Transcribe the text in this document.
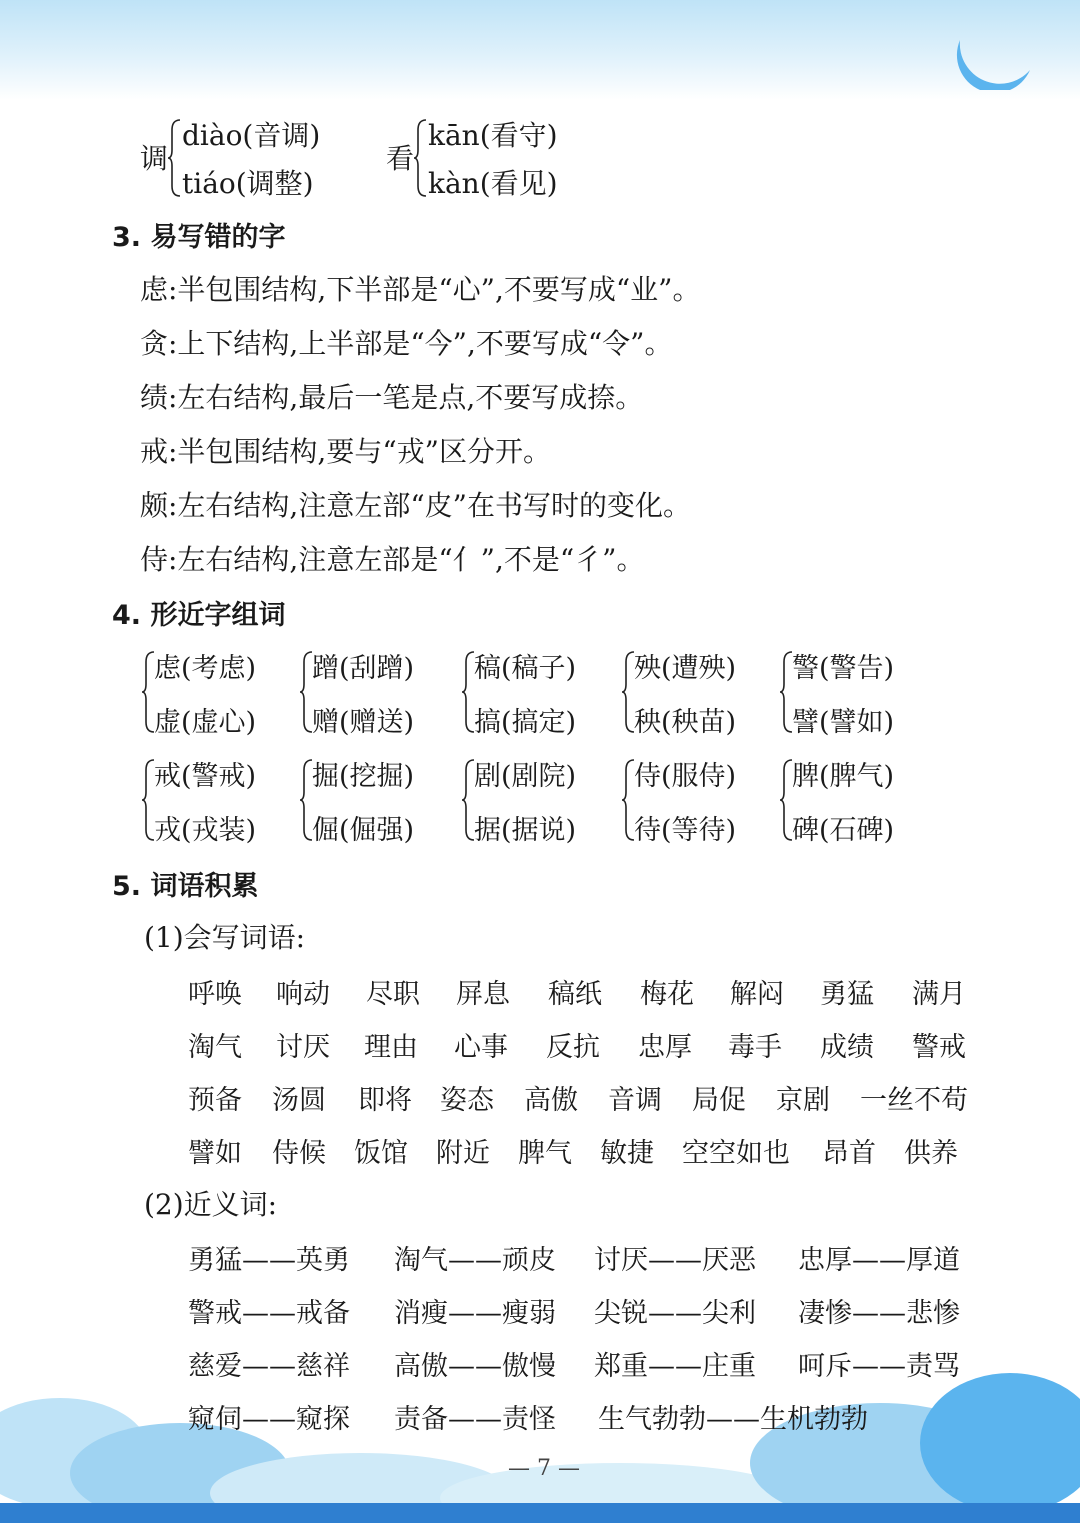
调
diào(音调)
tiáo(调整)
看
kān(看守)
kàn(看见)
3. 易写错的字
虑:半包围结构,下半部是“心”,不要写成“业”。
贪:上下结构,上半部是“今”,不要写成“令”。
绩:左右结构,最后一笔是点,不要写成捺。
戒:半包围结构,要与“戎”区分开。
颇:左右结构,注意左部“皮”在书写时的变化。
侍:左右结构,注意左部是“亻”,不是“彳”。
4. 形近字组词
虑(考虑)
虚(虚心)
蹭(刮蹭)
赠(赠送)
稿(稿子)
搞(搞定)
殃(遭殃)
秧(秧苗)
警(警告)
譬(譬如)
戒(警戒)
戎(戎装)
掘(挖掘)
倔(倔强)
剧(剧院)
据(据说)
侍(服侍)
待(等待)
脾(脾气)
碑(石碑)
5. 词语积累
(1)会写词语:
呼唤 响动 尽职 屏息 稿纸 梅花 解闷 勇猛 满月
淘气 讨厌 理由 心事 反抗 忠厚 毒手 成绩 警戒
预备 汤圆 即将 姿态 高傲 音调 局促 京剧 一丝不苟
譬如 侍候 饭馆 附近 脾气 敏捷 空空如也 昂首 供养
(2)近义词:
勇猛——英勇 淘气——顽皮 讨厌——厌恶 忠厚——厚道
警戒——戒备 消瘦——瘦弱 尖锐——尖利 凄惨——悲惨
慈爱——慈祥 高傲——傲慢 郑重——庄重 呵斥——责骂
窥伺——窥探 责备——责怪 生气勃勃——生机勃勃
— 7 —
